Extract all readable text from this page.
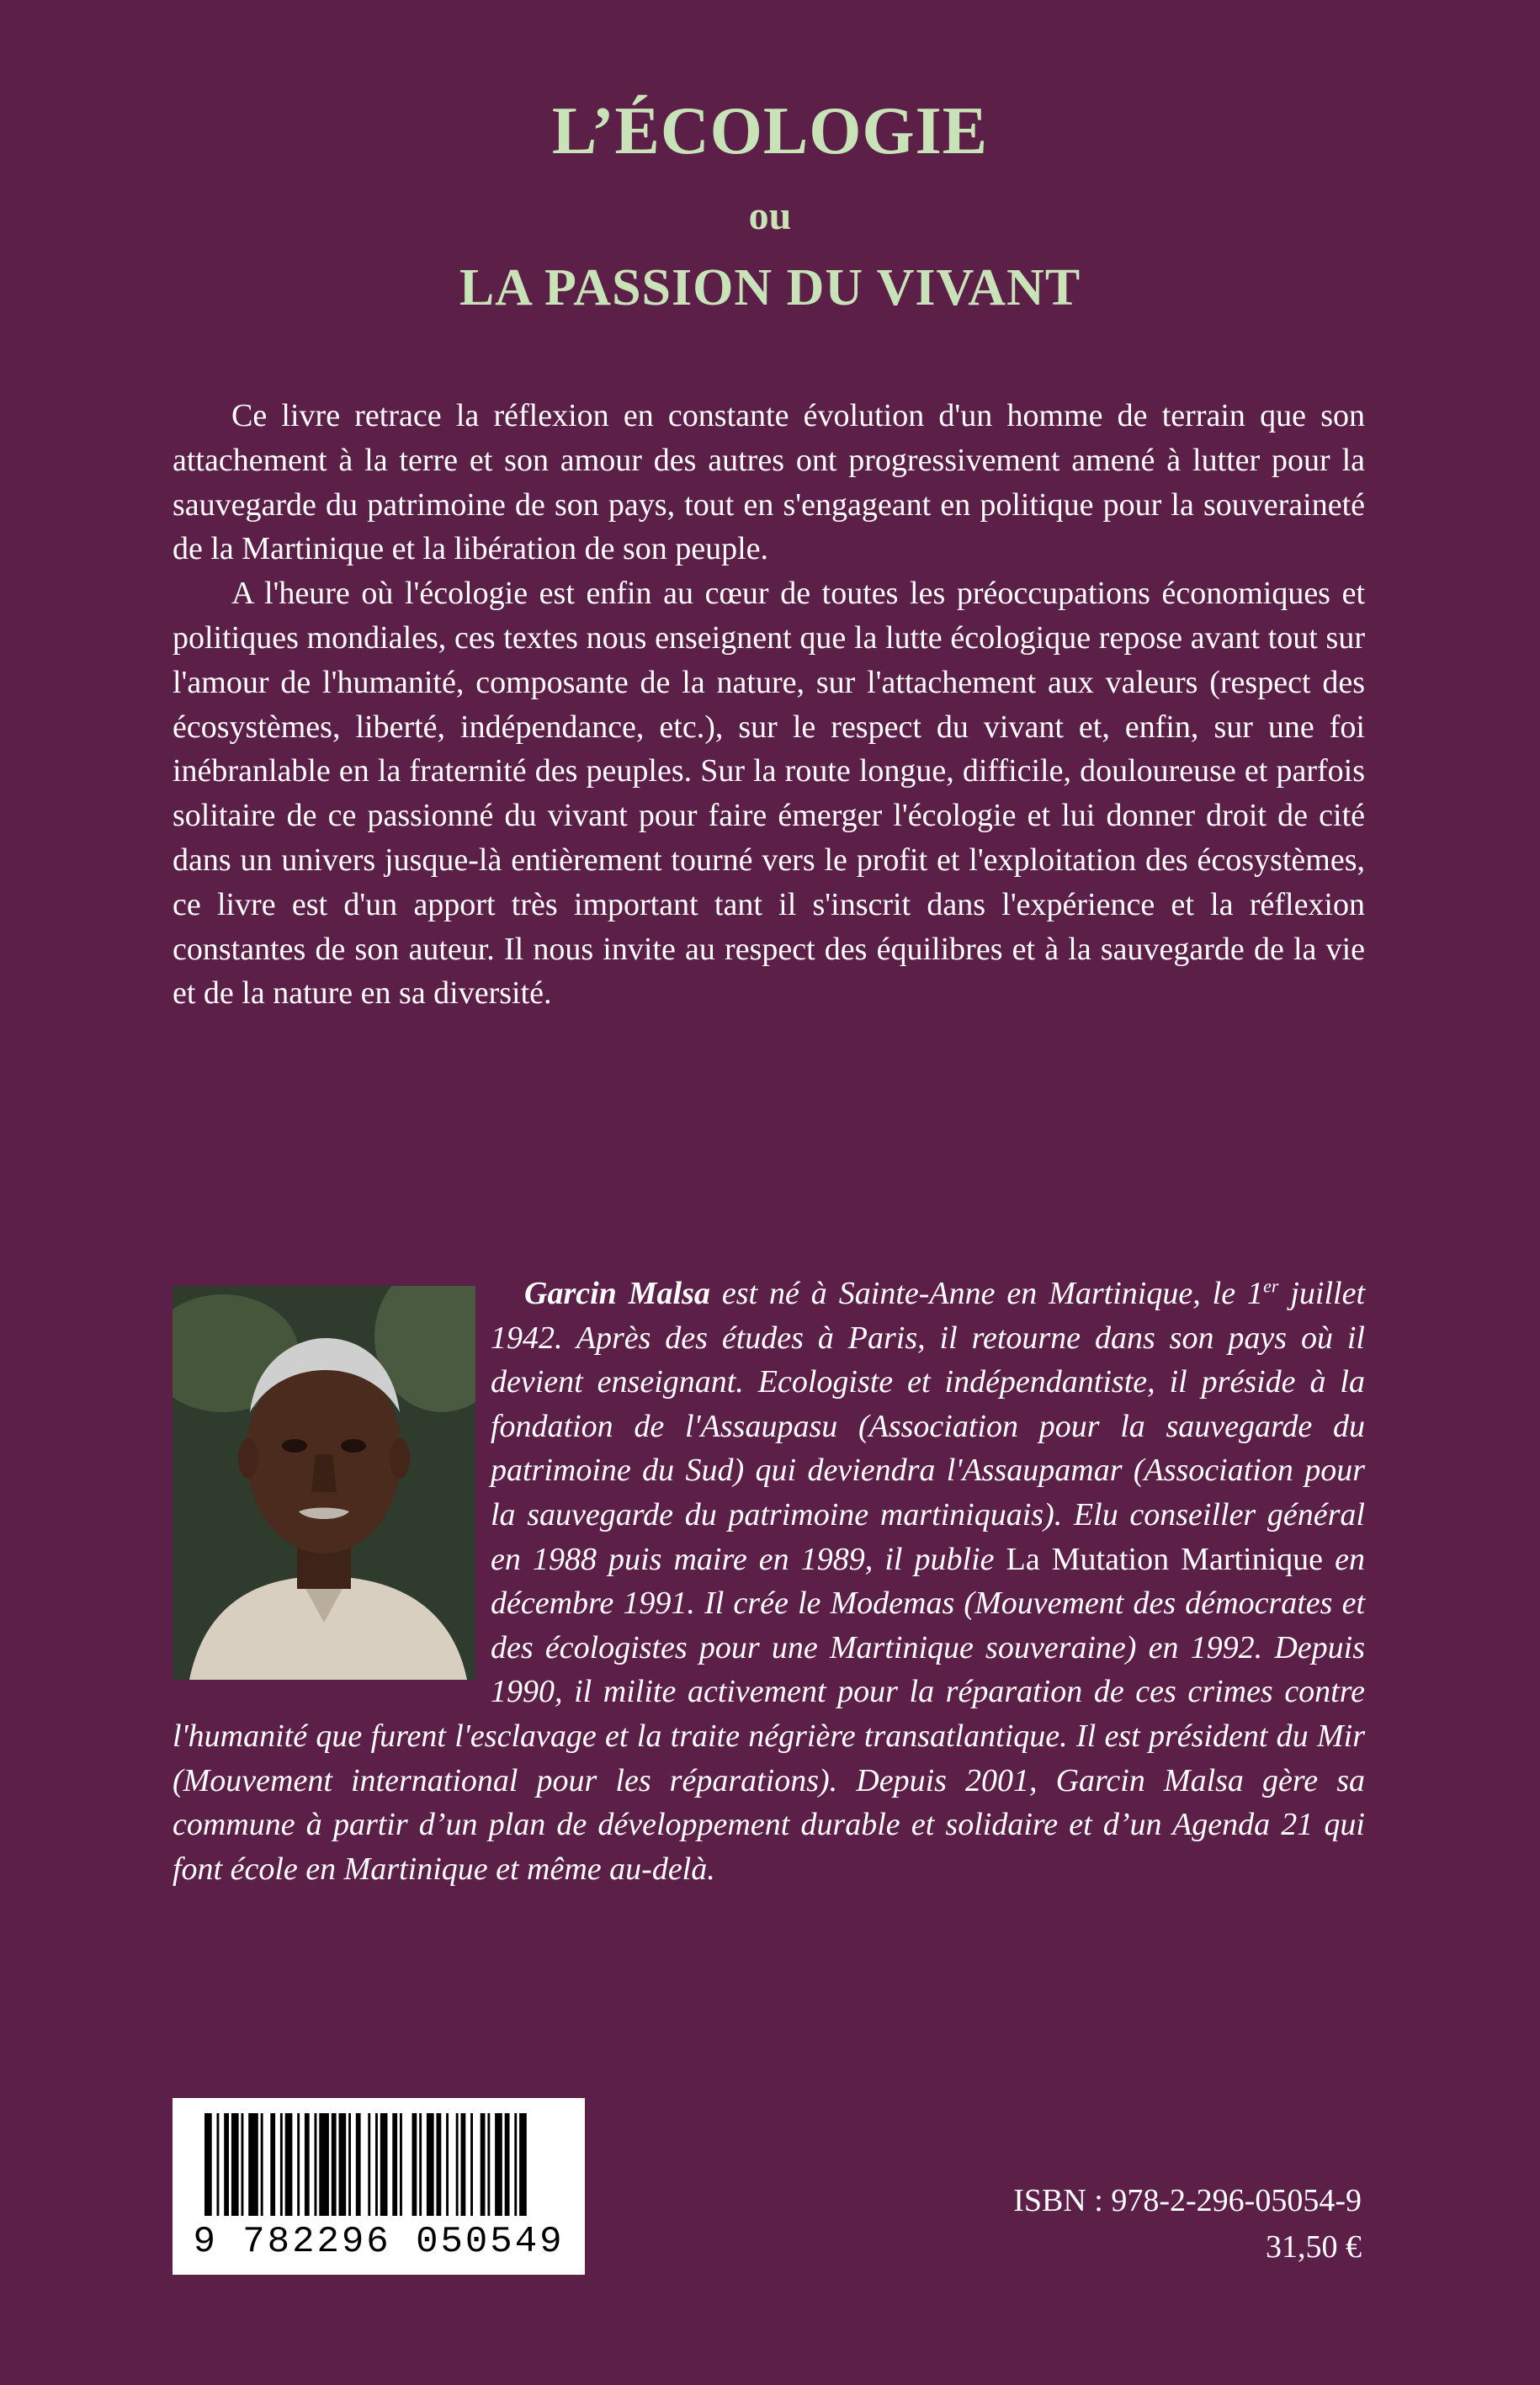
L’ÉCOLOGIE
ou
LA PASSION DU VIVANT

Ce livre retrace la réflexion en constante évolution d'un homme de terrain que son attachement à la terre et son amour des autres ont progressivement amené à lutter pour la sauvegarde du patrimoine de son pays, tout en s'engageant en politique pour la souveraineté de la Martinique et la libération de son peuple.

A l'heure où l'écologie est enfin au cœur de toutes les préoccupations économiques et politiques mondiales, ces textes nous enseignent que la lutte écologique repose avant tout sur l'amour de l'humanité, composante de la nature, sur l'attachement aux valeurs (respect des écosystèmes, liberté, indépendance, etc.), sur le respect du vivant et, enfin, sur une foi inébranlable en la fraternité des peuples. Sur la route longue, difficile, douloureuse et parfois solitaire de ce passionné du vivant pour faire émerger l'écologie et lui donner droit de cité dans un univers jusque-là entièrement tourné vers le profit et l'exploitation des écosystèmes, ce livre est d'un apport très important tant il s'inscrit dans l'expérience et la réflexion constantes de son auteur. Il nous invite au respect des équilibres et à la sauvegarde de la vie et de la nature en sa diversité.

Garcin Malsa est né à Sainte-Anne en Martinique, le 1er juillet 1942. Après des études à Paris, il retourne dans son pays où il devient enseignant. Ecologiste et indépendantiste, il préside à la fondation de l'Assaupasu (Association pour la sauvegarde du patrimoine du Sud) qui deviendra l'Assaupamar (Association pour la sauvegarde du patrimoine martiniquais). Elu conseiller général en 1988 puis maire en 1989, il publie La Mutation Martinique en décembre 1991. Il crée le Modemas (Mouvement des démocrates et des écologistes pour une Martinique souveraine) en 1992. Depuis 1990, il milite activement pour la réparation de ces crimes contre l'humanité que furent l'esclavage et la traite négrière transatlantique. Il est président du Mir (Mouvement international pour les réparations). Depuis 2001, Garcin Malsa gère sa commune à partir d’un plan de développement durable et solidaire et d’un Agenda 21 qui font école en Martinique et même au-delà.

9 782296 050549
ISBN : 978-2-296-05054-9
31,50 €
